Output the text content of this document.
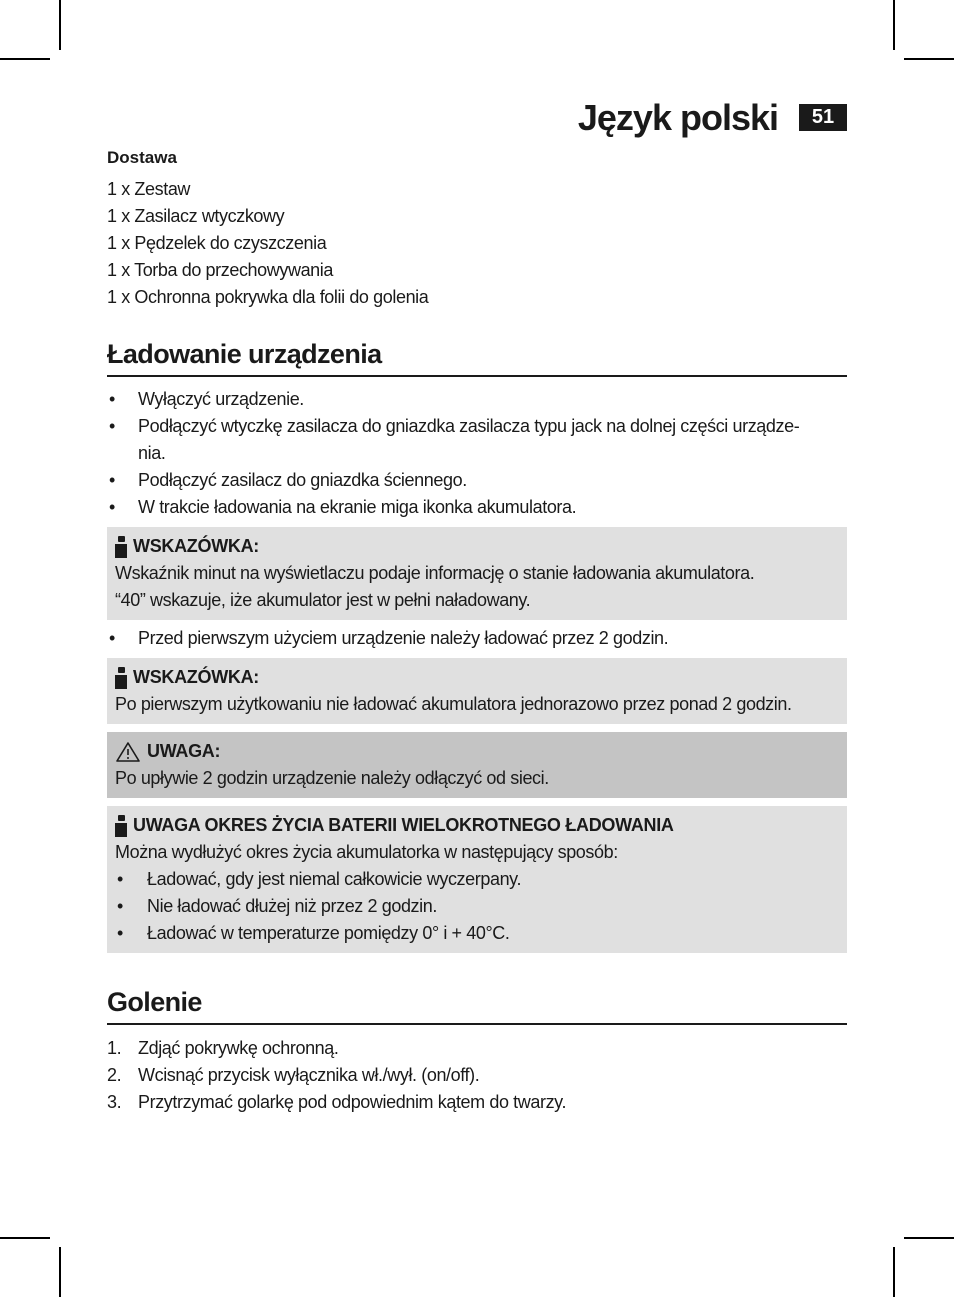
Język polski	51
Dostawa
1 x Zestaw
1 x Zasilacz wtyczkowy
1 x Pędzelek do czyszczenia
1 x Torba do przechowywania
1 x Ochronna pokrywka dla folii do golenia
Ładowanie urządzenia
• Wyłączyć urządzenie.
• Podłączyć wtyczkę zasilacza do gniazdka zasilacza typu jack na dolnej części urządze-
nia.
• Podłączyć zasilacz do gniazdka ściennego.
• W trakcie ładowania na ekranie miga ikonka akumulatora.
WSKAZÓWKA:
Wskaźnik minut na wyświetlaczu podaje informację o stanie ładowania akumulatora.
“40” wskazuje, iże akumulator jest w pełni naładowany.
• Przed pierwszym użyciem urządzenie należy ładować przez 2 godzin.
WSKAZÓWKA:
Po pierwszym użytkowaniu nie ładować akumulatora jednorazowo przez ponad 2 godzin.
UWAGA:
Po upływie 2 godzin urządzenie należy odłączyć od sieci.
UWAGA OKRES ŻYCIA BATERII WIELOKROTNEGO ŁADOWANIA
Można wydłużyć okres życia akumulatorka w następujący sposób:
• Ładować, gdy jest niemal całkowicie wyczerpany.
• Nie ładować dłużej niż przez 2 godzin.
• Ładować w temperaturze pomiędzy 0° i + 40°C.
Golenie
1. Zdjąć pokrywkę ochronną.
2. Wcisnąć przycisk wyłącznika wł./wył. (on/off).
3. Przytrzymać golarkę pod odpowiednim kątem do twarzy.
